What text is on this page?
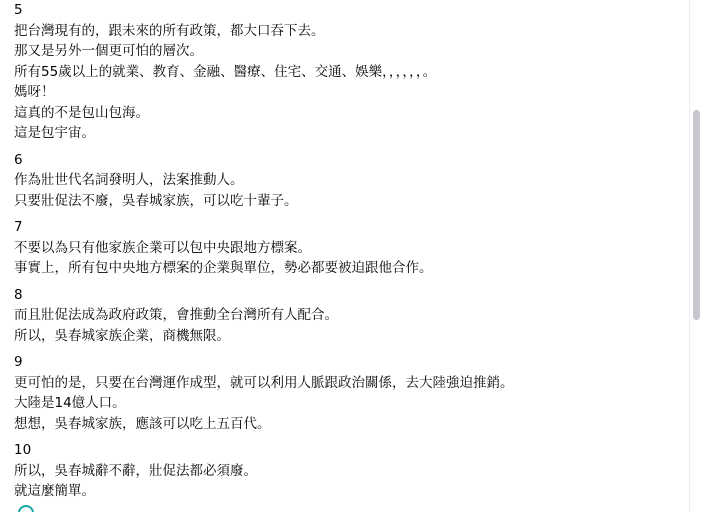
5
把台灣現有的，跟未來的所有政策，都大口吞下去。
那又是另外一個更可怕的層次。
所有55歲以上的就業、教育、金融、醫療、住宅、交通、娛樂，，，，，，。
媽呀！
這真的不是包山包海。
這是包宇宙。
6
作為壯世代名詞發明人，法案推動人。
只要壯促法不廢，吳春城家族，可以吃十輩子。
7
不要以為只有他家族企業可以包中央跟地方標案。
事實上，所有包中央地方標案的企業與單位，勢必都要被迫跟他合作。
8
而且壯促法成為政府政策，會推動全台灣所有人配合。
所以，吳春城家族企業，商機無限。
9
更可怕的是，只要在台灣運作成型，就可以利用人脈跟政治關係，去大陸強迫推銷。
大陸是14億人口。
想想，吳春城家族，應該可以吃上五百代。
10
所以，吳春城辭不辭，壯促法都必須廢。
就這麼簡單。
